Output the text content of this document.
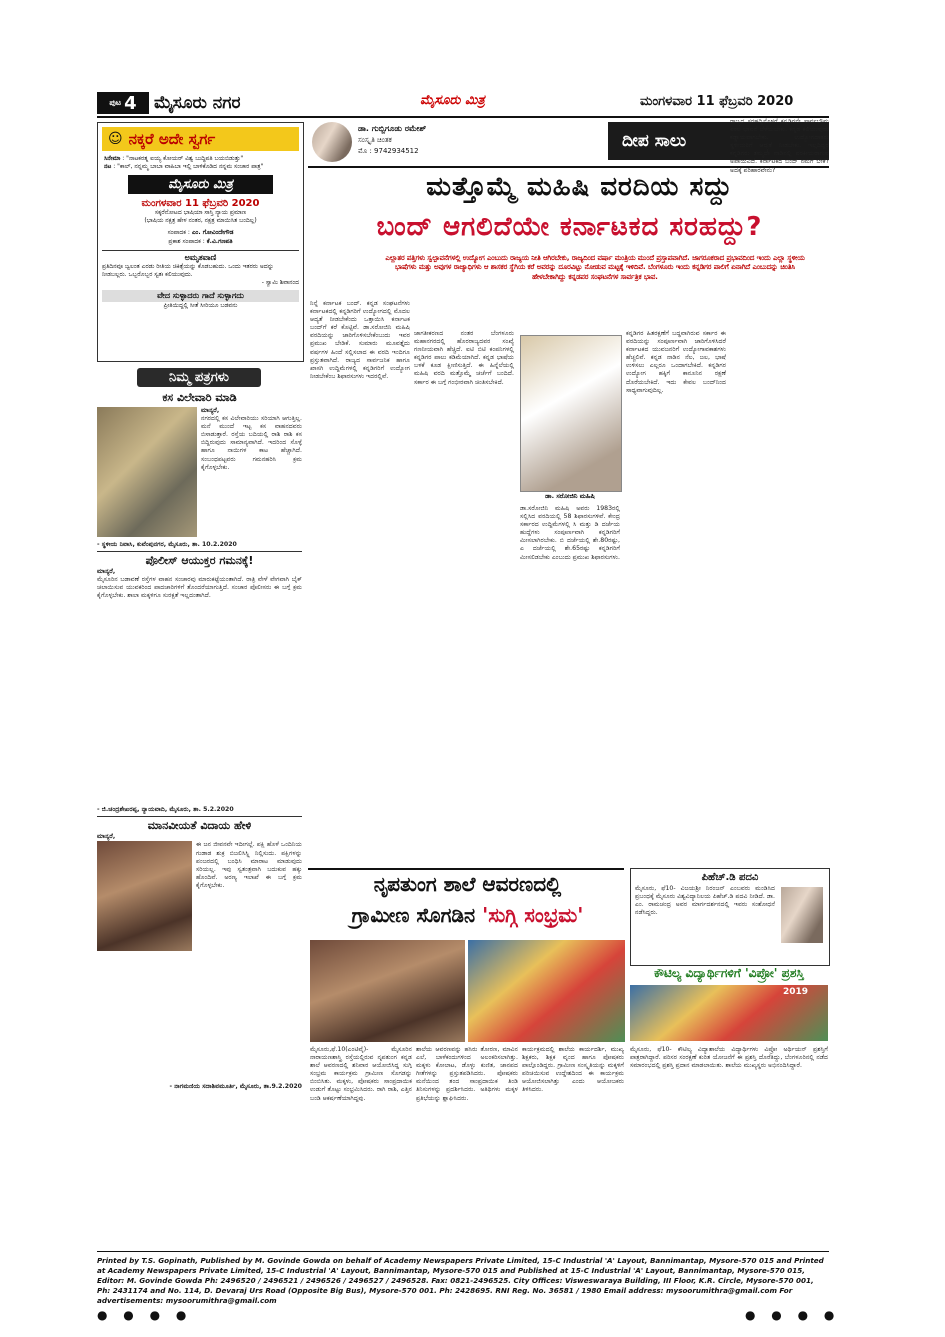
ಪುಟ 4 ಮೈಸೂರು ನಗರ	ಮೈಸೂರು ಮಿತ್ರ	ಮಂಗಳವಾರ 11 ಫೆಬ್ರವರಿ 2020
☺ ನಕ್ಕರೆ ಅದೇ ಸ್ವರ್ಗ
ಸಿನೇಮಾ : "ನಾಟಕರತ್ನ ಐಯ್ಯ ಕೋಯರ್ ವಿಶ್ವ ಬುದ್ಧಿಪತಿ ಬಯಬಿಡುತ್ತು"
ನಟ : "ಕಾಲ್, ನನ್ನಮ್ಮ ಬಾಬಾ ವಾಹಿಬಾ ಇಲ್ಲಿ ಬಾಳಿಕೊಡಿದ ನನ್ನಮ ಸಂಚಾರ ಪಾತ್ರ"
ಮೈಸೂರು ಮಿತ್ರ
ಮಂಗಳವಾರ 11 ಫೆಬ್ರವರಿ 2020
ಸಕ್ಕರೆನೋಟದ ಭಾಷಿಯಾ ಸಾಸ್ತಿ ನ್ಯಾಯ ಪ್ರಮಾಣ
(ಭಾಷಿಯ ನಕ್ಷತ್ರ ಹೇಳ ನಂತರ, ನಕ್ಷತ್ರ ಮಾಯಿಸಿತ ಬಂದಿಲ್ಲ)
ಸಂಪಾದಕ : ಎಂ. ಗೋವಿಂದೇಗೌಡ
ಪ್ರಕಾಶ ಸಂಪಾದಕ : ಕೆ.ವಿ.ಗಣಪತಿ
ಅಮೃತವಾಣಿ
ಪ್ರತಿದಿನವೂ ಜ್ವಲಂತ ಎರಡು ರೀತಿಯ ಚಿಕಿತ್ಸೆಯನ್ನು ಕೊಡಬಹುದು. ಒಂದು ಇತರರು ಅದನ್ನು ನೀಡಬಲ್ಲರು. ಒಬ್ಬರೊಬ್ಬರ ಸ್ವತಃ ಕಲಿಯುವುದು.
- ಸ್ವಾಮಿ ಶಿವಾನಂದ
ವೇದ ಸುಳ್ಳಾದರು ಗಾದೆ ಸುಳ್ಳಾಗದು
ಪ್ರೀತಿಯಿದ್ದಲ್ಲಿ ಸೀತೆ ಸೀರಿಯೂ ಬಡವನು
ನಿಮ್ಮ ಪತ್ರಗಳು
ಕಸ ವಿಲೇವಾರಿ ಮಾಡಿ
ಮಾನ್ಯರೆ,
ನಗರದಲ್ಲಿ ಕಸ ವಿಲೇವಾರಿಯು ಸರಿಯಾಗಿ ಆಗುತ್ತಿಲ್ಲ. ಮನೆ ಮುಂದೆ ಇಟ್ಟ ಕಸ ವಾಹನದವರು ಬಿಸಾಡುತ್ತಾರೆ. ರಸ್ತೆಯ ಬದಿಯಲ್ಲಿ ರಾಶಿ ರಾಶಿ ಕಸ ಬಿದ್ದಿರುವುದು ಸಾಮಾನ್ಯವಾಗಿದೆ. ಇದರಿಂದ ಸೊಳ್ಳೆ ಹಾಗೂ ನಾಯಿಗಳ ಕಾಟ ಹೆಚ್ಚಾಗಿದೆ. ಸಂಬಂಧಪಟ್ಟವರು ಗಮನಹರಿಸಿ ಕ್ರಮ ಕೈಗೊಳ್ಳಬೇಕು.
- ಸ್ಥಳೀಯ ನಿವಾಸಿ, ಕುವೆಂಪುನಗರ, ಮೈಸೂರು, ತಾ. 10.2.2020
ಪೊಲೀಸ್ ಆಯುಕ್ತರ ಗಮನಕ್ಕೆ!
ಮಾನ್ಯರೆ,
ಮೈಸೂರಿನ ಬಡಾವಣೆ ರಸ್ತೆಗಳ ವಾಹನ ಸಂಚಾರವು ಮಾರುಕಟ್ಟೆಯಂತಾಗಿದೆ. ರಾತ್ರಿ ವೇಳೆ ವೇಗವಾಗಿ ಬೈಕ್ ಚಲಾಯಿಸುವ ಯುವಕರಿಂದ ಪಾದಚಾರಿಗಳಿಗೆ ತೊಂದರೆಯಾಗುತ್ತಿದೆ. ಸಂಚಾರ ಪೊಲೀಸರು ಈ ಬಗ್ಗೆ ಕ್ರಮ ಕೈಗೊಳ್ಳಬೇಕು. ಶಾಲಾ ಮಕ್ಕಳಿಗೂ ಸುರಕ್ಷತೆ ಇಲ್ಲದಂತಾಗಿದೆ.
- ಜಿ.ಚಂದ್ರಶೇಖರಪ್ಪ, ನ್ಯಾಯವಾದಿ, ಮೈಸೂರು, ತಾ. 5.2.2020
ಮಾನವೀಯತೆ ವಿದಾಯ ಹೇಳಿ
ಮಾನ್ಯರೆ,
ಈ ಜನ ಜೀವನವೇ ಇದೀಗಲ್ಲೆ. ಪಕ್ಷಿ ಹೊಳೆ ಒಂದಿನಿಯ ಗುಡಾಡ ಶುಕ್ರ ಬಿಜಲಿಸಿಸ್ಪ್ಲಿ ನಿಲ್ಲಿಸುದು. ಪಕ್ಷಿಗಳನ್ನು ಪಂಜರದಲ್ಲಿ ಬಂಧಿಸಿ ಮಾರಾಟ ಮಾಡುವುದು ಸರಿಯಲ್ಲ. ಇವು ಸ್ವತಂತ್ರವಾಗಿ ಬದುಕುವ ಹಕ್ಕು ಹೊಂದಿವೆ. ಅರಣ್ಯ ಇಲಾಖೆ ಈ ಬಗ್ಗೆ ಕ್ರಮ ಕೈಗೊಳ್ಳಬೇಕು.
- ನಾಗಮಣಿಯ ಸದಾಶಿವಮೂರ್ತಿ, ಮೈಸೂರು, ತಾ.9.2.2020
ಡಾ. ಗುಬ್ಬಿಗೂಡು ರಮೇಶ್
ಸಂಸ್ಕೃತಿ ಚಿಂತಕ
ಮೊ : 9742934512	ದೀಪ ಸಾಲು
ಮತ್ತೊಮ್ಮೆ ಮಹಿಷಿ ವರದಿಯ ಸದ್ದು
ಬಂದ್ ಆಗಲಿದೆಯೇ ಕರ್ನಾಟಕದ ಸರಹದ್ದು?
ಎಲ್ಲಾತರ ಪತ್ತಿಗಳು ಸ್ವಲ್ಪಾವನೆಗಳಲ್ಲಿ ಉದ್ಯೋಗ ಎಂಬುದು ರಾಜ್ಯಯ ನೀತಿ ಆಗಿರಬೇಕು, ರಾಜ್ಯದಿಂದ ವರ್ಷಾ ಮಂತ್ರಿಯ ಮುಂದೆ ಪ್ರಸ್ತಾಪವಾಗಿದೆ. ಜಾಗರೂಕರಾದ ಪ್ರಭಾವದಿಂದ ಇಂದು ಎಲ್ಲಾ ಸ್ಥಳೀಯ ಭಾಷೆಗಳು ಮತ್ತು ಅವುಗಳ ರಾಜ್ಯಾಧಿಗಳು ಆ ಶಾಸಕರ ಸ್ಥೆಗಿಯ ಕರೆ ಅವರನ್ನು ದೂರವಿಟ್ಟು ನೋಡುವ ಮಟ್ಟಕ್ಕೆ ಇಳಿದಿವೆ. ಬೆಂಗಳೂರು ಇಂದು ಕನ್ನಡಿಗರ ಪಾಲಿಗೆ ಏನಾಗಿದೆ ಎಂಬುದನ್ನು ಚಿಂತಿಸಿ ಹೇಳಬೇಕಾಗಿದ್ದು ಕನ್ನಡಪರ ಸಂಘಟನೆಗಳ ಸಾರ್ವತ್ರಿಕ ಭಾವ.
ನಿನ್ನೆ ಕರ್ನಾಟಕ ಬಂದ್. ಕನ್ನಡ ಸಂಘಟನೆಗಳು ಕರ್ನಾಟಕದಲ್ಲಿ ಕನ್ನಡಿಗರಿಗೆ ಉದ್ಯೋಗದಲ್ಲಿ ಮೊದಲ ಆದ್ಯತೆ ನೀಡಬೇಕೆಂದು ಒತ್ತಾಯಿಸಿ ಕರ್ನಾಟಕ ಬಂದ್‌ಗೆ ಕರೆ ಕೊಟ್ಟಿವೆ. ಡಾ.ಸರೋಜಿನಿ ಮಹಿಷಿ ವರದಿಯನ್ನು ಜಾರಿಗೊಳಿಸಬೇಕೆಂಬುದು ಇವರ ಪ್ರಮುಖ ಬೇಡಿಕೆ. ಸುಮಾರು ಮೂವತ್ತೈದು ವರ್ಷಗಳ ಹಿಂದೆ ಸಲ್ಲಿಸಲಾದ ಈ ವರದಿ ಇಂದಿಗೂ ಪ್ರಸ್ತುತವಾಗಿದೆ. ರಾಜ್ಯದ ಸಾರ್ವಜನಿಕ ಹಾಗೂ ಖಾಸಗಿ ಉದ್ದಿಮೆಗಳಲ್ಲಿ ಕನ್ನಡಿಗರಿಗೆ ಉದ್ಯೋಗ ನೀಡಬೇಕೆಂಬ ಶಿಫಾರಸುಗಳು ಇದರಲ್ಲಿವೆ.
ಜಾಗತೀಕರಣದ ನಂತರ ಬೆಂಗಳೂರು ಮಹಾನಗರದಲ್ಲಿ ಹೊರರಾಜ್ಯದವರ ಸಂಖ್ಯೆ ಗಣನೀಯವಾಗಿ ಹೆಚ್ಚಿದೆ. ಐಟಿ ಬಿಟಿ ಕಂಪನಿಗಳಲ್ಲಿ ಕನ್ನಡಿಗರ ಪಾಲು ಕಡಿಮೆಯಾಗಿದೆ. ಕನ್ನಡ ಭಾಷೆಯ ಬಳಕೆ ಕೂಡ ಕ್ಷೀಣಿಸುತ್ತಿದೆ. ಈ ಹಿನ್ನೆಲೆಯಲ್ಲಿ ಮಹಿಷಿ ವರದಿ ಮತ್ತೊಮ್ಮೆ ಚರ್ಚೆಗೆ ಬಂದಿದೆ. ಸರ್ಕಾರ ಈ ಬಗ್ಗೆ ಗಂಭೀರವಾಗಿ ಚಿಂತಿಸಬೇಕಿದೆ.
ಡಾ. ಸರೋಜಿನಿ ಮಹಿಷಿ
ಡಾ.ಸರೋಜಿನಿ ಮಹಿಷಿ ಅವರು 1983ರಲ್ಲಿ ಸಲ್ಲಿಸಿದ ವರದಿಯಲ್ಲಿ 58 ಶಿಫಾರಸುಗಳಿವೆ. ಕೇಂದ್ರ ಸರ್ಕಾರದ ಉದ್ದಿಮೆಗಳಲ್ಲಿ ಸಿ ಮತ್ತು ಡಿ ದರ್ಜೆಯ ಹುದ್ದೆಗಳು ಸಂಪೂರ್ಣವಾಗಿ ಕನ್ನಡಿಗರಿಗೆ ಮೀಸಲಾಗಿರಬೇಕು. ಬಿ ದರ್ಜೆಯಲ್ಲಿ ಶೇ.80ರಷ್ಟು, ಎ ದರ್ಜೆಯಲ್ಲಿ ಶೇ.65ರಷ್ಟು ಕನ್ನಡಿಗರಿಗೆ ಮೀಸಲಿಡಬೇಕು ಎಂಬುದು ಪ್ರಮುಖ ಶಿಫಾರಸುಗಳು.
ಕನ್ನಡಿಗರ ಹಿತರಕ್ಷಣೆಗೆ ಬದ್ಧವಾಗಿರುವ ಸರ್ಕಾರ ಈ ವರದಿಯನ್ನು ಸಂಪೂರ್ಣವಾಗಿ ಜಾರಿಗೊಳಿಸಿದರೆ ಕರ್ನಾಟಕದ ಯುವಜನರಿಗೆ ಉದ್ಯೋಗಾವಕಾಶಗಳು ಹೆಚ್ಚಲಿವೆ. ಕನ್ನಡ ನಾಡಿನ ನೆಲ, ಜಲ, ಭಾಷೆ ಉಳಿಸಲು ಎಲ್ಲರೂ ಒಂದಾಗಬೇಕಿದೆ. ಕನ್ನಡಿಗರ ಉದ್ಯೋಗ ಹಕ್ಕಿಗೆ ಕಾನೂನಿನ ರಕ್ಷಣೆ ದೊರೆಯಬೇಕಿದೆ. ಇದು ಕೇವಲ ಬಂದ್‌ನಿಂದ ಸಾಧ್ಯವಾಗುವುದಿಲ್ಲ.
ರಾಜ್ಯದ ಸರಹದ್ದಿನೊಳಗೆ ಕನ್ನಡಿಗನೇ ಸಾರ್ವಭೌಮ ಎಂಬ ಭಾವನೆ ಬೆಳೆಯಬೇಕು. ಕನ್ನಡ ಕಲಿಯುವುದು ಕಡ್ಡಾಯವಾಗಬೇಕು. ಉದ್ಯೋಗದಾತರು ಸ್ಥಳೀಯರಿಗೆ ಆದ್ಯತೆ ನೀಡಬೇಕು. ಇಲ್ಲದಿದ್ದರೆ ಕನ್ನಡಿಗರು ತಮ್ಮದೇ ನಾಡಿನಲ್ಲಿ ಪರಕೀಯರಾಗುವ ಅಪಾಯವಿದೆ. ಕರ್ನಾಟಕದ ಬಂದ್ ನಮಗೆ ಬೇಕೆ? ಅದಕ್ಕೆ ಪರಿಹಾರವೇನು?
ನೃಪತುಂಗ ಶಾಲೆ ಆವರಣದಲ್ಲಿ
ಗ್ರಾಮೀಣ ಸೊಗಡಿನ 'ಸುಗ್ಗಿ ಸಂಭ್ರಮ'
ಮೈಸೂರು,ಫೆ.10(ಎಂಟಿವೈ)- ಮೈಸೂರಿನ ನಾರಾಯಣಶಾಸ್ತ್ರಿ ರಸ್ತೆಯಲ್ಲಿರುವ ನೃಪತುಂಗ ಕನ್ನಡ ಶಾಲೆ ಆವರಣದಲ್ಲಿ ಶನಿವಾರ ಆಯೋಜಿಸಿದ್ದ ಸುಗ್ಗಿ ಸಂಭ್ರಮ ಕಾರ್ಯಕ್ರಮ ಗ್ರಾಮೀಣ ಸೊಗಡನ್ನು ಬಿಂಬಿಸಿತು. ಮಕ್ಕಳು, ಪೋಷಕರು ಸಾಂಪ್ರದಾಯಿಕ ಉಡುಗೆ ತೊಟ್ಟು ಸಂಭ್ರಮಿಸಿದರು. ರಾಗಿ ರಾಶಿ, ಎತ್ತಿನ ಬಂಡಿ ಆಕರ್ಷಣೆಯಾಗಿದ್ದವು.
ಶಾಲೆಯ ಆವರಣವನ್ನು ಹಸಿರು ತೋರಣ, ಮಾವಿನ ಎಲೆ, ಬಾಳೆಕಂದುಗಳಿಂದ ಅಲಂಕರಿಸಲಾಗಿತ್ತು. ಮಕ್ಕಳು ಕೋಲಾಟ, ಡೊಳ್ಳು ಕುಣಿತ, ಜಾನಪದ ಗೀತೆಗಳನ್ನು ಪ್ರಸ್ತುತಪಡಿಸಿದರು. ಪೋಷಕರು ಮನೆಯಿಂದ ತಂದ ಸಾಂಪ್ರದಾಯಿಕ ತಿಂಡಿ ತಿನಿಸುಗಳನ್ನು ಪ್ರದರ್ಶಿಸಿದರು. ಅತಿಥಿಗಳು ಮಕ್ಕಳ ಪ್ರತಿಭೆಯನ್ನು ಶ್ಲಾಘಿಸಿದರು.
ಕಾರ್ಯಕ್ರಮದಲ್ಲಿ ಶಾಲೆಯ ಕಾರ್ಯದರ್ಶಿ, ಮುಖ್ಯ ಶಿಕ್ಷಕರು, ಶಿಕ್ಷಕ ವೃಂದ ಹಾಗೂ ಪೋಷಕರು ಪಾಲ್ಗೊಂಡಿದ್ದರು. ಗ್ರಾಮೀಣ ಸಂಸ್ಕೃತಿಯನ್ನು ಮಕ್ಕಳಿಗೆ ಪರಿಚಯಿಸುವ ಉದ್ದೇಶದಿಂದ ಈ ಕಾರ್ಯಕ್ರಮ ಆಯೋಜಿಸಲಾಗಿತ್ತು ಎಂದು ಆಯೋಜಕರು ತಿಳಿಸಿದರು.
ಪಿಹೆಚ್.ಡಿ ಪದವಿ
ಮೈಸೂರು, ಫೆ10- ವಿಜಯಶ್ರೀ ನಿರಂಜನ್ ಎಂಬವರು ಮಂಡಿಸಿದ ಪ್ರಬಂಧಕ್ಕೆ ಮೈಸೂರು ವಿಶ್ವವಿದ್ಯಾನಿಲಯ ಪಿಹೆಚ್.ಡಿ ಪದವಿ ನೀಡಿದೆ. ಡಾ. ಎಂ. ರಾಮಚಂದ್ರ ಅವರ ಮಾರ್ಗದರ್ಶನದಲ್ಲಿ ಇವರು ಸಂಶೋಧನೆ ನಡೆಸಿದ್ದರು.
ಕೌಟಿಲ್ಯ ವಿದ್ಯಾರ್ಥಿಗಳಿಗೆ 'ವಿಪ್ರೋ' ಪ್ರಶಸ್ತಿ
2019
ಮೈಸೂರು, ಫೆ10- ಕೌಟಿಲ್ಯ ವಿದ್ಯಾಶಾಲೆಯ ವಿದ್ಯಾರ್ಥಿಗಳು ವಿಪ್ರೋ ಅರ್ಥಿಯನ್ ಪ್ರಶಸ್ತಿಗೆ ಪಾತ್ರರಾಗಿದ್ದಾರೆ. ಪರಿಸರ ಸಂರಕ್ಷಣೆ ಕುರಿತ ಯೋಜನೆಗೆ ಈ ಪ್ರಶಸ್ತಿ ದೊರೆತಿದ್ದು, ಬೆಂಗಳೂರಿನಲ್ಲಿ ನಡೆದ ಸಮಾರಂಭದಲ್ಲಿ ಪ್ರಶಸ್ತಿ ಪ್ರದಾನ ಮಾಡಲಾಯಿತು. ಶಾಲೆಯ ಮುಖ್ಯಸ್ಥರು ಅಭಿನಂದಿಸಿದ್ದಾರೆ.
Printed by T.S. Gopinath, Published by M. Govinde Gowda on behalf of Academy Newspapers Private Limited, 15-C Industrial 'A' Layout, Bannimantap, Mysore-570 015 and Printed at Academy Newspapers Private Limited, 15-C Industrial 'A' Layout, Bannimantap, Mysore-570 015 and Published at 15-C Industrial 'A' Layout, Bannimantap, Mysore-570 015, Editor: M. Govinde Gowda Ph: 2496520 / 2496521 / 2496526 / 2496527 / 2496528. Fax: 0821-2496525. City Offices: Visweswaraya Building, III Floor, K.R. Circle, Mysore-570 001, Ph: 2431174 and No. 114, D. Devaraj Urs Road (Opposite Big Bus), Mysore-570 001. Ph: 2428695. RNI Reg. No. 36581 / 1980 Email address: mysoorumithra@gmail.com For advertisements: mysoorumithra@gmail.com
● ● ● ●	● ● ● ●
